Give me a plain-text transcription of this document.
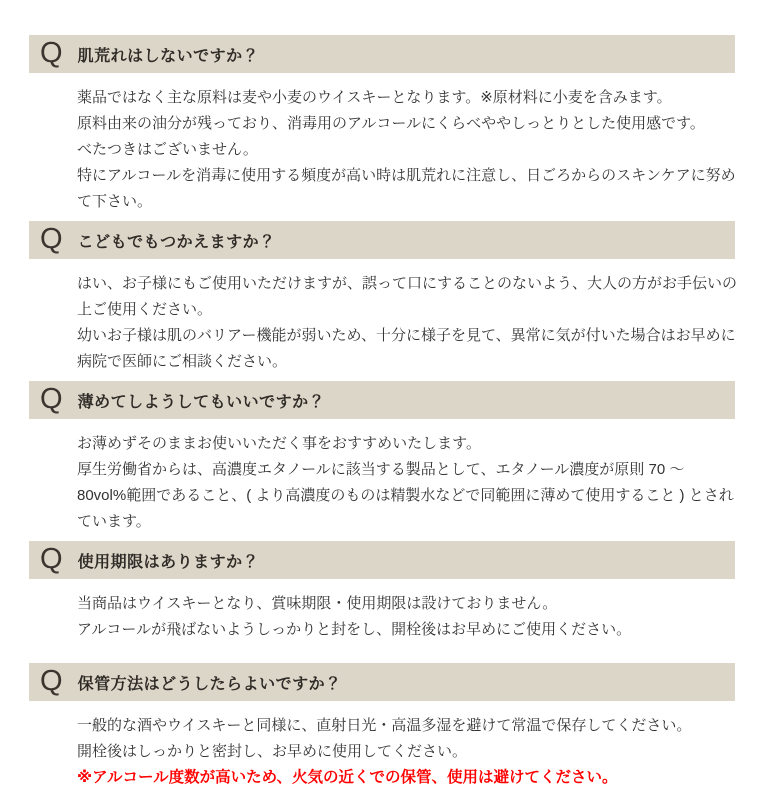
Q 肌荒れはしないですか？
薬品ではなく主な原料は麦や小麦のウイスキーとなります。※原材料に小麦を含みます。
原料由来の油分が残っており、消毒用のアルコールにくらべややしっとりとした使用感です。
べたつきはございません。
特にアルコールを消毒に使用する頻度が高い時は肌荒れに注意し、日ごろからのスキンケアに努め
て下さい。
Q こどもでもつかえますか？
はい、お子様にもご使用いただけますが、誤って口にすることのないよう、大人の方がお手伝いの
上ご使用ください。
幼いお子様は肌のバリアー機能が弱いため、十分に様子を見て、異常に気が付いた場合はお早めに
病院で医師にご相談ください。
Q 薄めてしようしてもいいですか？
お薄めずそのままお使いいただく事をおすすめいたします。
厚生労働省からは、高濃度エタノールに該当する製品として、エタノール濃度が原則 70 ～
80vol%範囲であること、( より高濃度のものは精製水などで同範囲に薄めて使用すること ) とされ
ています。
Q 使用期限はありますか？
当商品はウイスキーとなり、賞味期限・使用期限は設けておりません。
アルコールが飛ばないようしっかりと封をし、開栓後はお早めにご使用ください。
Q 保管方法はどうしたらよいですか？
一般的な酒やウイスキーと同様に、直射日光・高温多湿を避けて常温で保存してください。
開栓後はしっかりと密封し、お早めに使用してください。
※アルコール度数が高いため、火気の近くでの保管、使用は避けてください。
